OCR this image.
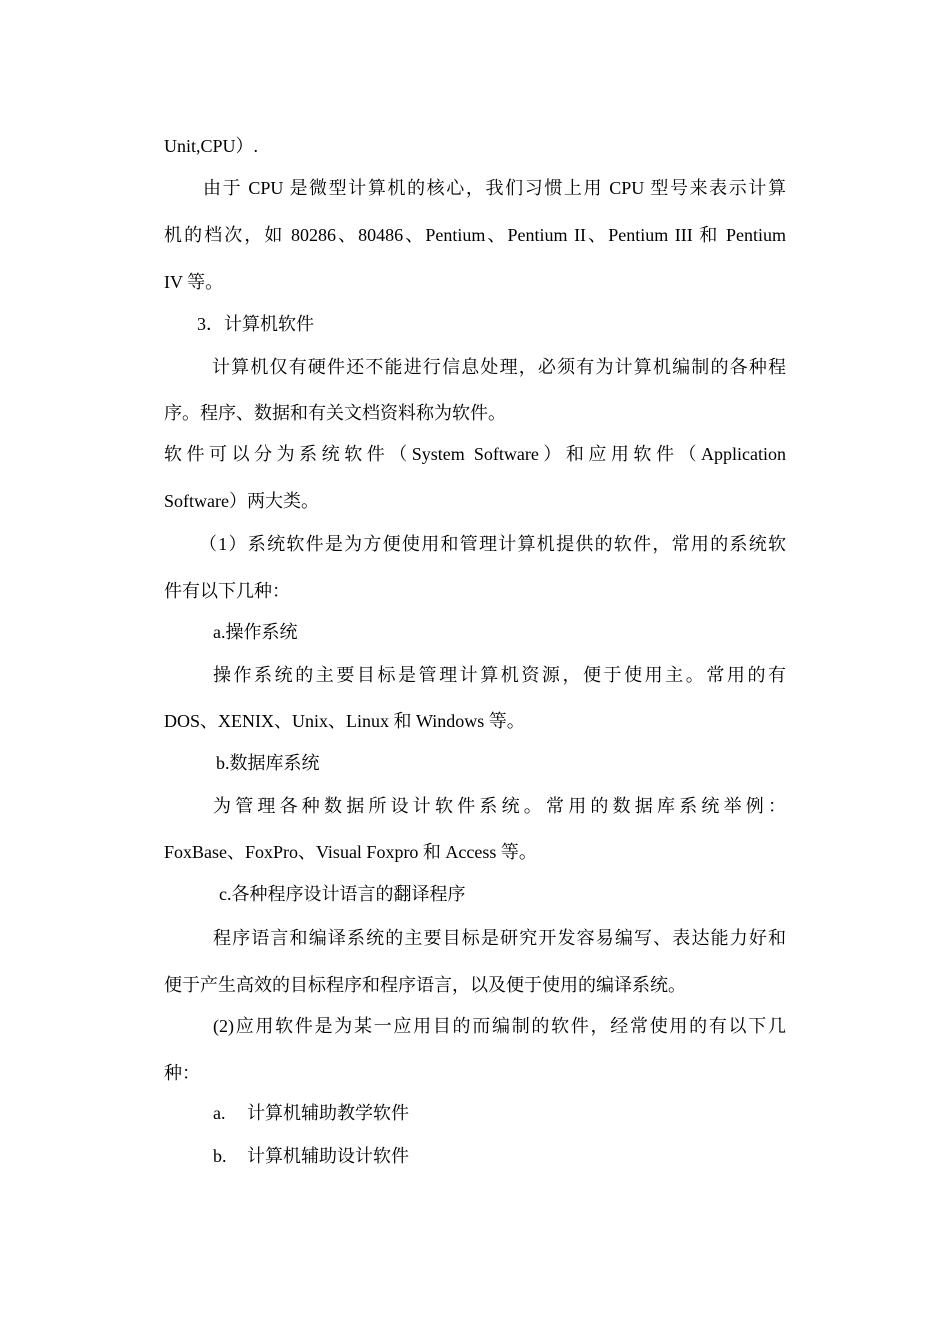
Unit,CPU）.
由于 CPU 是微型计算机的核心，我们习惯上用 CPU 型号来表示计算
机的档次，如 80286、80486、Pentium、Pentium II、Pentium III 和 Pentium
IV 等。
3．计算机软件
计算机仅有硬件还不能进行信息处理，必须有为计算机编制的各种程
序。程序、数据和有关文档资料称为软件。
软件可以分为系统软件（System Software）和应用软件（Application
Software）两大类。
（1）系统软件是为方便使用和管理计算机提供的软件，常用的系统软
件有以下几种：
a.操作系统
操作系统的主要目标是管理计算机资源，便于使用主。常用的有
DOS、XENIX、Unix、Linux 和 Windows 等。
b.数据库系统
为管理各种数据所设计软件系统。常用的数据库系统举例：
FoxBase、FoxPro、Visual Foxpro 和 Access 等。
c.各种程序设计语言的翻译程序
程序语言和编译系统的主要目标是研究开发容易编写、表达能力好和
便于产生高效的目标程序和程序语言，以及便于使用的编译系统。
(2)应用软件是为某一应用目的而编制的软件，经常使用的有以下几
种：
a. 计算机辅助教学软件
b. 计算机辅助设计软件
